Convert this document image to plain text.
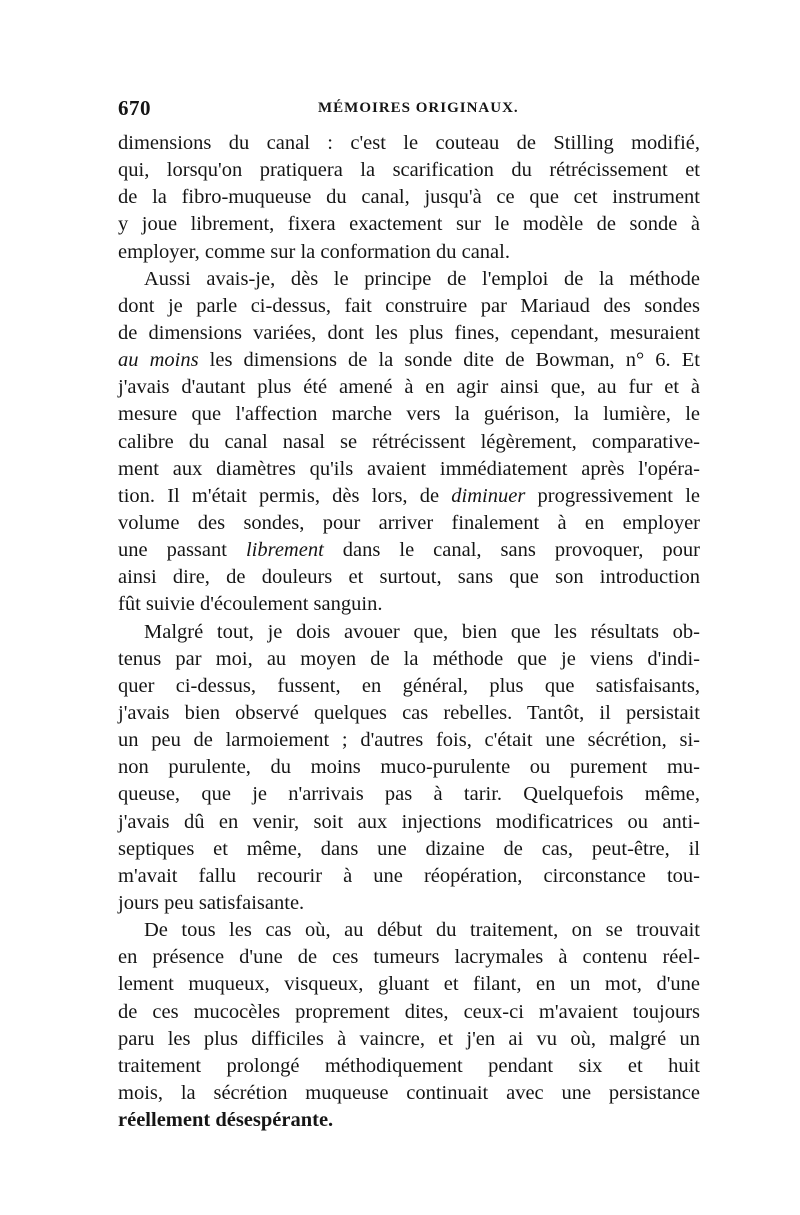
670	MÉMOIRES ORIGINAUX.
dimensions du canal : c'est le couteau de Stilling modifié,
qui, lorsqu'on pratiquera la scarification du rétrécissement et
de la fibro-muqueuse du canal, jusqu'à ce que cet instrument
y joue librement, fixera exactement sur le modèle de sonde à
employer, comme sur la conformation du canal.
Aussi avais-je, dès le principe de l'emploi de la méthode
dont je parle ci-dessus, fait construire par Mariaud des sondes
de dimensions variées, dont les plus fines, cependant, mesuraient
au moins les dimensions de la sonde dite de Bowman, n° 6. Et
j'avais d'autant plus été amené à en agir ainsi que, au fur et à
mesure que l'affection marche vers la guérison, la lumière, le
calibre du canal nasal se rétrécissent légèrement, comparative-
ment aux diamètres qu'ils avaient immédiatement après l'opéra-
tion. Il m'était permis, dès lors, de diminuer progressivement le
volume des sondes, pour arriver finalement à en employer
une passant librement dans le canal, sans provoquer, pour
ainsi dire, de douleurs et surtout, sans que son introduction
fût suivie d'écoulement sanguin.
Malgré tout, je dois avouer que, bien que les résultats ob-
tenus par moi, au moyen de la méthode que je viens d'indi-
quer ci-dessus, fussent, en général, plus que satisfaisants,
j'avais bien observé quelques cas rebelles. Tantôt, il persistait
un peu de larmoiement ; d'autres fois, c'était une sécrétion, si-
non purulente, du moins muco-purulente ou purement mu-
queuse, que je n'arrivais pas à tarir. Quelquefois même,
j'avais dû en venir, soit aux injections modificatrices ou anti-
septiques et même, dans une dizaine de cas, peut-être, il
m'avait fallu recourir à une réopération, circonstance tou-
jours peu satisfaisante.
De tous les cas où, au début du traitement, on se trouvait
en présence d'une de ces tumeurs lacrymales à contenu réel-
lement muqueux, visqueux, gluant et filant, en un mot, d'une
de ces mucocèles proprement dites, ceux-ci m'avaient toujours
paru les plus difficiles à vaincre, et j'en ai vu où, malgré un
traitement prolongé méthodiquement pendant six et huit
mois, la sécrétion muqueuse continuait avec une persistance
réellement désespérante.
